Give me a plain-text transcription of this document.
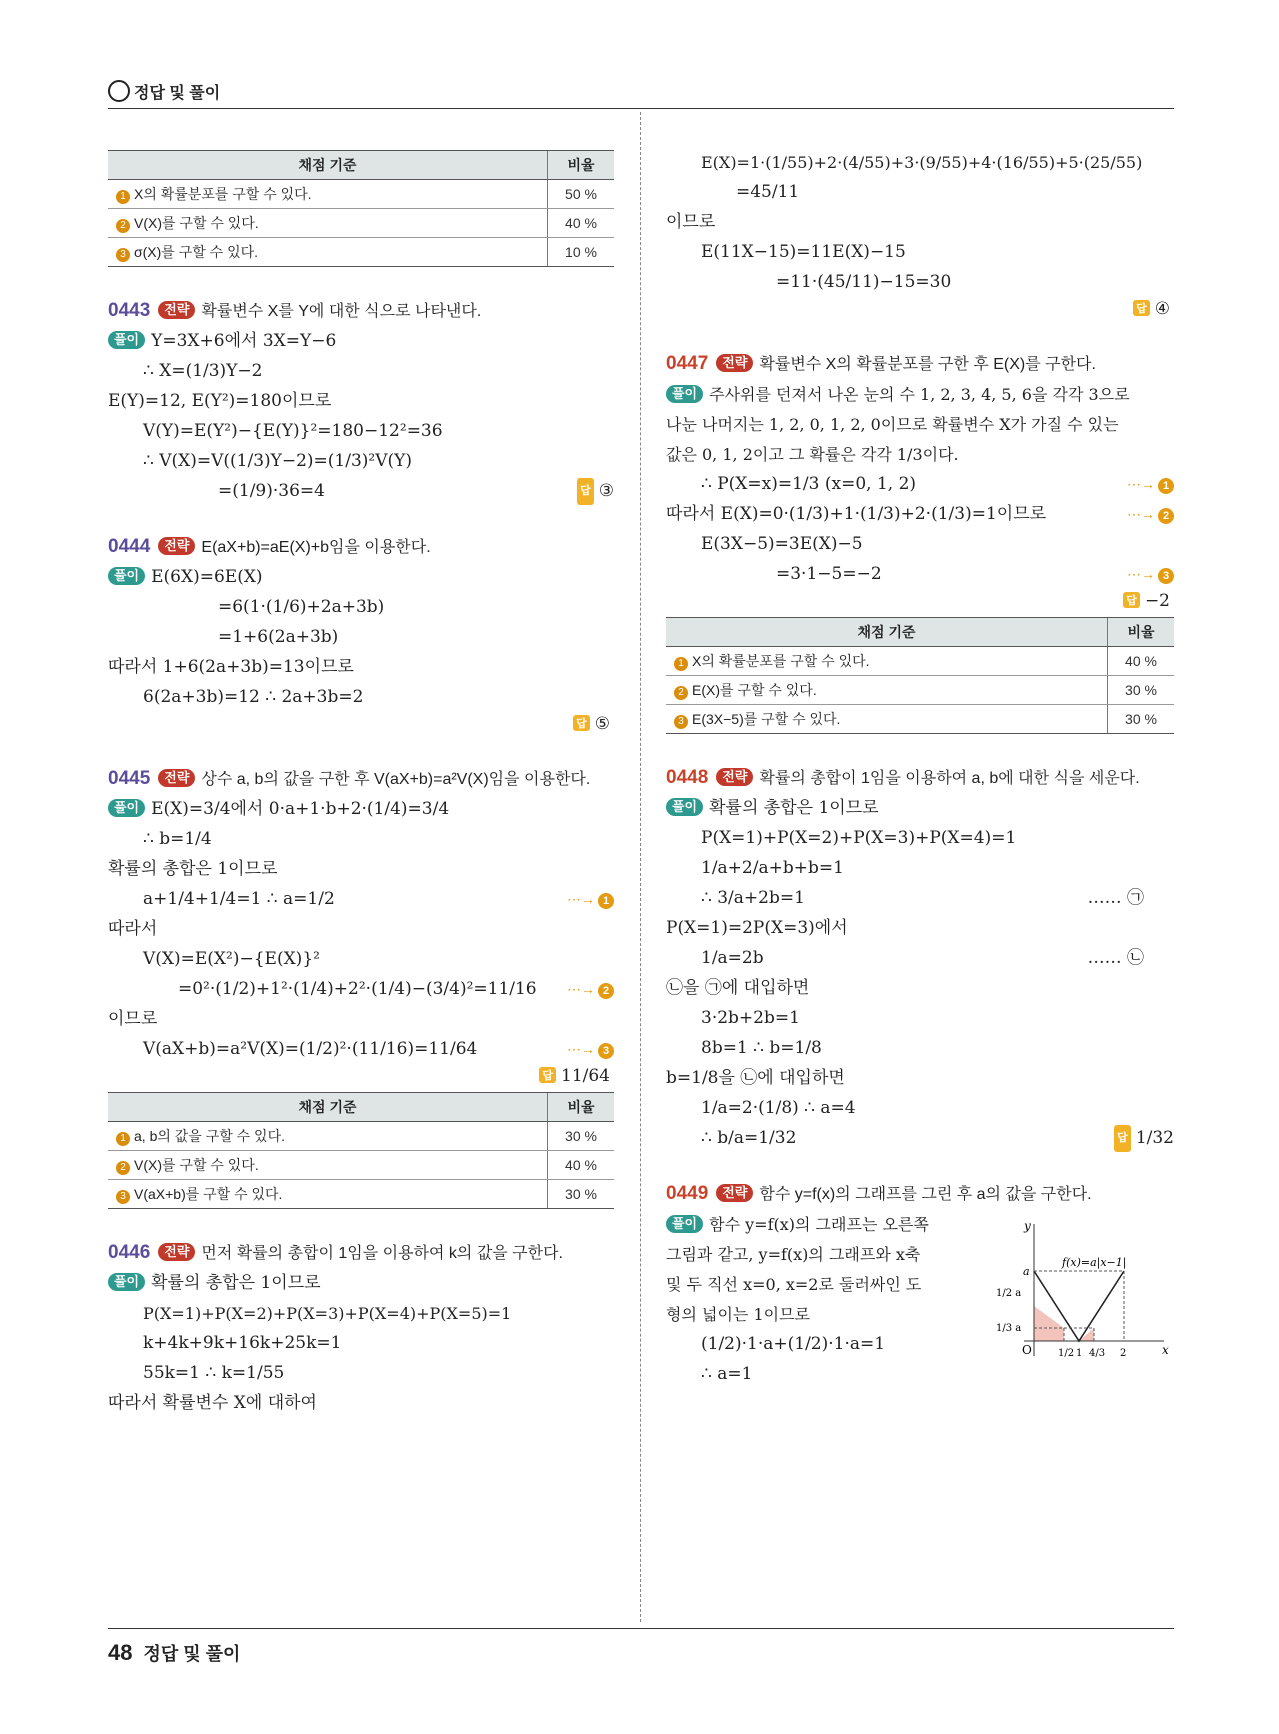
정답 및 풀이
채점 기준	비율
1 X의 확률분포를 구할 수 있다.	50 %
2 V(X)를 구할 수 있다.	40 %
3 σ(X)를 구할 수 있다.	10 %
0443 전략 확률변수 X를 Y에 대한 식으로 나타낸다.
풀이 Y=3X+6에서 3X=Y−6
∴ X=(1/3)Y−2
E(Y)=12, E(Y²)=180이므로
V(Y)=E(Y²)−{E(Y)}²=180−12²=36
∴ V(X)=V((1/3)Y−2)=(1/3)²V(Y)
=(1/9)·36=4	답 ③
0444 전략 E(aX+b)=aE(X)+b임을 이용한다.
풀이 E(6X)=6E(X)
=6(1·(1/6)+2a+3b)
=1+6(2a+3b)
따라서 1+6(2a+3b)=13이므로
6(2a+3b)=12 ∴ 2a+3b=2
답 ⑤
0445 전략 상수 a, b의 값을 구한 후 V(aX+b)=a²V(X)임을 이용한다.
풀이 E(X)=3/4에서 0·a+1·b+2·(1/4)=3/4
∴ b=1/4
확률의 총합은 1이므로
a+1/4+1/4=1 ∴ a=1/2	⋯→ 1
따라서
V(X)=E(X²)−{E(X)}²
=0²·(1/2)+1²·(1/4)+2²·(1/4)−(3/4)²=11/16 ⋯→ 2
이므로
V(aX+b)=a²V(X)=(1/2)²·(11/16)=11/64	⋯→ 3
답 11/64
채점 기준	비율
1 a, b의 값을 구할 수 있다.	30 %
2 V(X)를 구할 수 있다.	40 %
3 V(aX+b)를 구할 수 있다.	30 %
0446 전략 먼저 확률의 총합이 1임을 이용하여 k의 값을 구한다.
풀이 확률의 총합은 1이므로
P(X=1)+P(X=2)+P(X=3)+P(X=4)+P(X=5)=1
k+4k+9k+16k+25k=1
55k=1 ∴ k=1/55
따라서 확률변수 X에 대하여
E(X)=1·(1/55)+2·(4/55)+3·(9/55)+4·(16/55)+5·(25/55)
=45/11
이므로
E(11X−15)=11E(X)−15
=11·(45/11)−15=30
답 ④
0447 전략 확률변수 X의 확률분포를 구한 후 E(X)를 구한다.
풀이 주사위를 던져서 나온 눈의 수 1, 2, 3, 4, 5, 6을 각각 3으로
나눈 나머지는 1, 2, 0, 1, 2, 0이므로 확률변수 X가 가질 수 있는
값은 0, 1, 2이고 그 확률은 각각 1/3이다.
∴ P(X=x)=1/3 (x=0, 1, 2)	⋯→ 1
따라서 E(X)=0·(1/3)+1·(1/3)+2·(1/3)=1이므로	⋯→ 2
E(3X−5)=3E(X)−5
=3·1−5=−2	⋯→ 3
답 −2
채점 기준	비율
1 X의 확률분포를 구할 수 있다.	40 %
2 E(X)를 구할 수 있다.	30 %
3 E(3X−5)를 구할 수 있다.	30 %
0448 전략 확률의 총합이 1임을 이용하여 a, b에 대한 식을 세운다.
풀이 확률의 총합은 1이므로
P(X=1)+P(X=2)+P(X=3)+P(X=4)=1
1/a+2/a+b+b=1
∴ 3/a+2b=1	…… ㉠
P(X=1)=2P(X=3)에서
1/a=2b	…… ㉡
㉡을 ㉠에 대입하면
3·2b+2b=1
8b=1 ∴ b=1/8
b=1/8을 ㉡에 대입하면
1/a=2·(1/8) ∴ a=4
∴ b/a=1/32	답 1/32
0449 전략 함수 y=f(x)의 그래프를 그린 후 a의 값을 구한다.
풀이 함수 y=f(x)의 그래프는 오른쪽
그림과 같고, y=f(x)의 그래프와 x축
및 두 직선 x=0, x=2로 둘러싸인 도
형의 넓이는 1이므로
(1/2)·1·a+(1/2)·1·a=1
∴ a=1
y
x
O
f(x)=a|x−1|
a
1/2 a
1/3 a
1/2 1 4/3 2
48 정답 및 풀이
